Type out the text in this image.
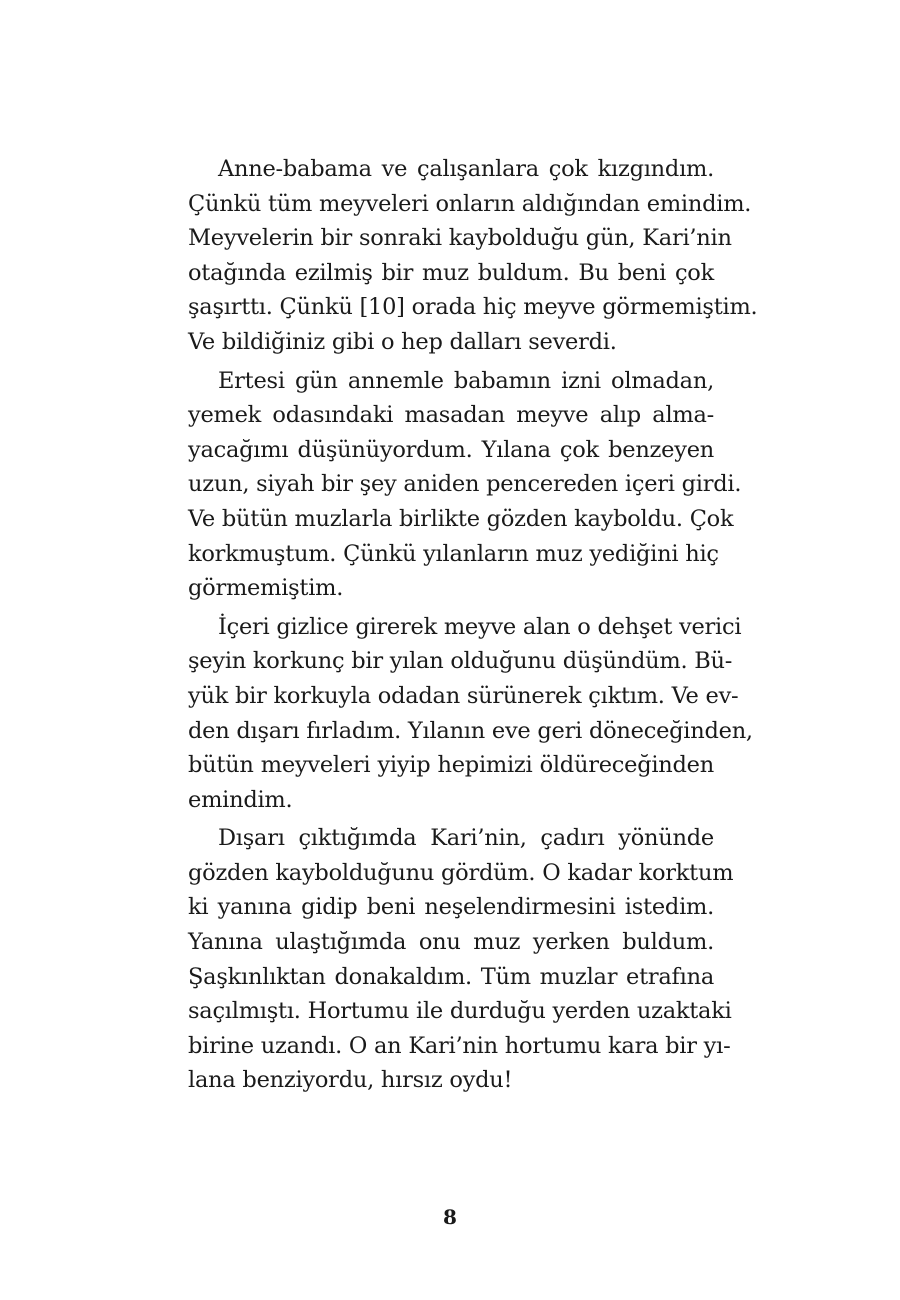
Anne-babama ve çalışanlara çok kızgındım.
Çünkü tüm meyveleri onların aldığından emindim.
Meyvelerin bir sonraki kaybolduğu gün, Kari’nin
otağında ezilmiş bir muz buldum. Bu beni çok
şaşırttı. Çünkü [10] orada hiç meyve görmemiştim.
Ve bildiğiniz gibi o hep dalları severdi.
Ertesi gün annemle babamın izni olmadan,
yemek odasındaki masadan meyve alıp alma-
yacağımı düşünüyordum. Yılana çok benzeyen
uzun, siyah bir şey aniden pencereden içeri girdi.
Ve bütün muzlarla birlikte gözden kayboldu. Çok
korkmuştum. Çünkü yılanların muz yediğini hiç
görmemiştim.
İçeri gizlice girerek meyve alan o dehşet verici
şeyin korkunç bir yılan olduğunu düşündüm. Bü-
yük bir korkuyla odadan sürünerek çıktım. Ve ev-
den dışarı fırladım. Yılanın eve geri döneceğinden,
bütün meyveleri yiyip hepimizi öldüreceğinden
emindim.
Dışarı çıktığımda Kari’nin, çadırı yönünde
gözden kaybolduğunu gördüm. O kadar korktum
ki yanına gidip beni neşelendirmesini istedim.
Yanına ulaştığımda onu muz yerken buldum.
Şaşkınlıktan donakaldım. Tüm muzlar etrafına
saçılmıştı. Hortumu ile durduğu yerden uzaktaki
birine uzandı. O an Kari’nin hortumu kara bir yı-
lana benziyordu, hırsız oydu!
8
